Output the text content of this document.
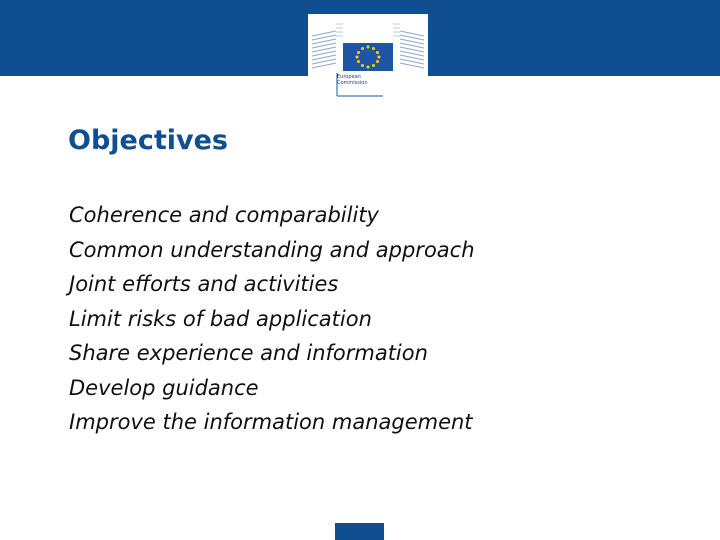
European
Commission
Objectives
Coherence and comparability
Common understanding and approach
Joint efforts and activities
Limit risks of bad application
Share experience and information
Develop guidance
Improve the information management
